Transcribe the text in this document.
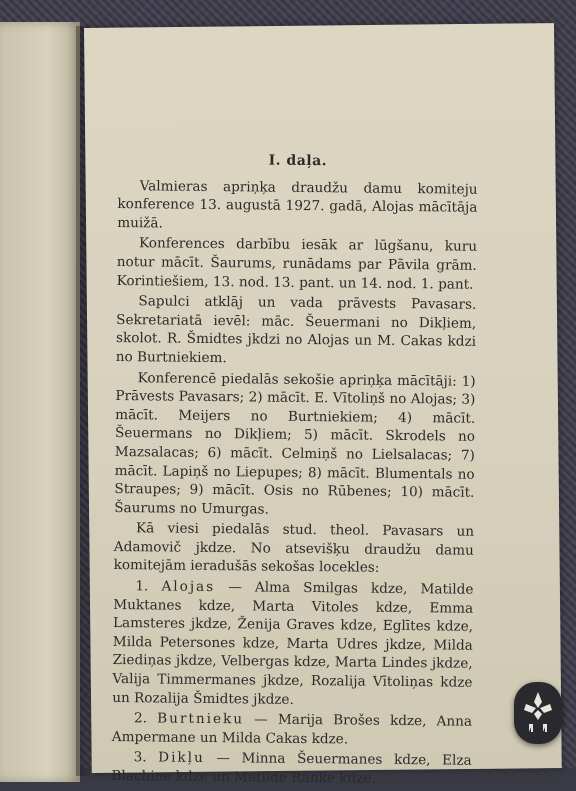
I. daļa.

Valmieras apriņķa draudžu damu komiteju konference 13. augustā 1927. gadā, Alojas mācītāja muižā.

Konferences darbību iesāk ar lūgšanu, kuru notur mācīt. Šaurums, runādams par Pāvila grām. Korintiešiem, 13. nod. 13. pant. un 14. nod. 1. pant.

Sapulci atklāj un vada prāvests Pavasars. Sekretariatā ievēl: māc. Šeuermani no Dikļiem, skolot. R. Šmidtes jkdzi no Alojas un M. Cakas kdzi no Burtniekiem.

Konferencē piedalās sekošie apriņķa mācītāji: 1) Prāvests Pavasars; 2) mācīt. E. Vītoliņš no Alojas; 3) mācīt. Meijers no Burtniekiem; 4) mācīt. Šeuermans no Dikļiem; 5) mācīt. Skrodels no Mazsalacas; 6) mācīt. Celmiņš no Lielsalacas; 7) mācīt. Lapiņš no Liepupes; 8) mācīt. Blumentals no Straupes; 9) mācīt. Osis no Rūbenes; 10) mācīt. Šaurums no Umurgas.

Kā viesi piedalās stud. theol. Pavasars un Adamovič jkdze. No atsevišķu draudžu damu komitejām ieradušās sekošas locekles:

1. Alojas — Alma Smilgas kdze, Matilde Muktanes kdze, Marta Vitoles kdze, Emma Lamsteres jkdze, Ženija Graves kdze, Eglītes kdze, Milda Petersones kdze, Marta Udres jkdze, Milda Ziediņas jkdze, Velbergas kdze, Marta Lindes jkdze, Valija Timmermanes jkdze, Rozalija Vītoliņas kdze un Rozalija Šmidtes jkdze.

2. Burtnieku — Marija Brošes kdze, Anna Ampermane un Milda Cakas kdze.

3. Dikļu — Minna Šeuermanes kdze, Elza Blachine kdze un Matilde Ranke kdze.
